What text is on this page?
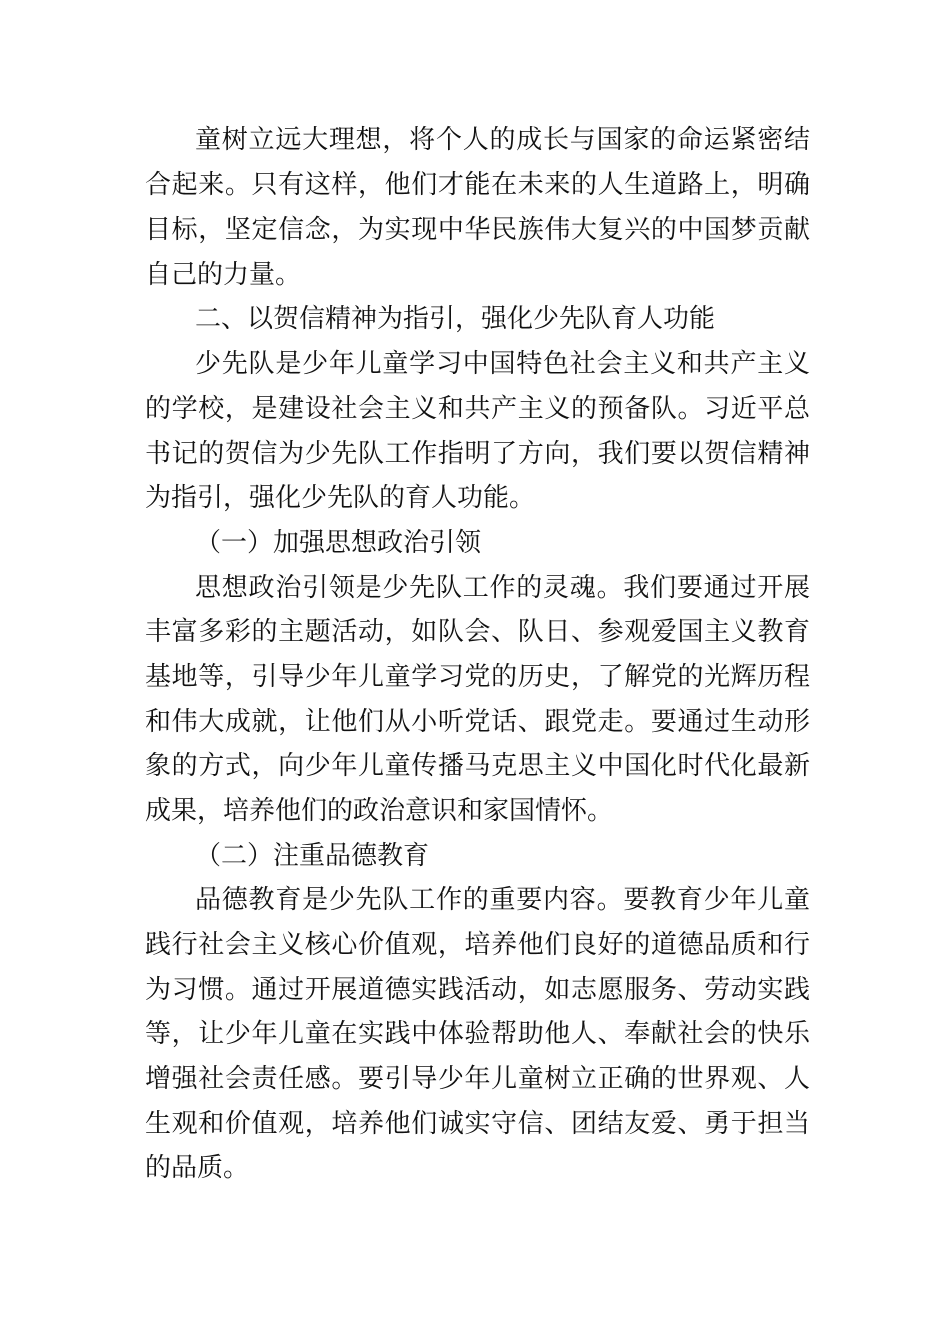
童树立远大理想，将个人的成长与国家的命运紧密结
合起来。只有这样，他们才能在未来的人生道路上，明确
目标，坚定信念，为实现中华民族伟大复兴的中国梦贡献
自己的力量。
二、以贺信精神为指引，强化少先队育人功能
少先队是少年儿童学习中国特色社会主义和共产主义
的学校，是建设社会主义和共产主义的预备队。习近平总
书记的贺信为少先队工作指明了方向，我们要以贺信精神
为指引，强化少先队的育人功能。
（一）加强思想政治引领
思想政治引领是少先队工作的灵魂。我们要通过开展
丰富多彩的主题活动，如队会、队日、参观爱国主义教育
基地等，引导少年儿童学习党的历史，了解党的光辉历程
和伟大成就，让他们从小听党话、跟党走。要通过生动形
象的方式，向少年儿童传播马克思主义中国化时代化最新
成果，培养他们的政治意识和家国情怀。
（二）注重品德教育
品德教育是少先队工作的重要内容。要教育少年儿童
践行社会主义核心价值观，培养他们良好的道德品质和行
为习惯。通过开展道德实践活动，如志愿服务、劳动实践
等，让少年儿童在实践中体验帮助他人、奉献社会的快乐
增强社会责任感。要引导少年儿童树立正确的世界观、人
生观和价值观，培养他们诚实守信、团结友爱、勇于担当
的品质。
